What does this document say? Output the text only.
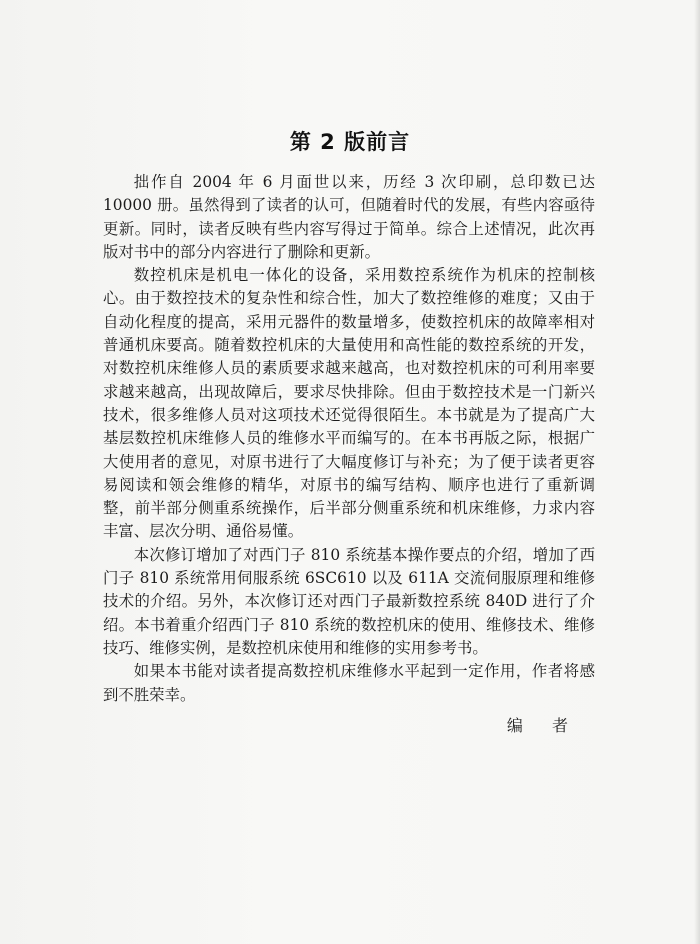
第 2 版前言

拙作自 2004 年 6 月面世以来，历经 3 次印刷，总印数已达 10000 册。虽然得到了读者的认可，但随着时代的发展，有些内容亟待更新。同时，读者反映有些内容写得过于简单。综合上述情况，此次再版对书中的部分内容进行了删除和更新。

数控机床是机电一体化的设备，采用数控系统作为机床的控制核心。由于数控技术的复杂性和综合性，加大了数控维修的难度；又由于自动化程度的提高，采用元器件的数量增多，使数控机床的故障率相对普通机床要高。随着数控机床的大量使用和高性能的数控系统的开发，对数控机床维修人员的素质要求越来越高，也对数控机床的可利用率要求越来越高，出现故障后，要求尽快排除。但由于数控技术是一门新兴技术，很多维修人员对这项技术还觉得很陌生。本书就是为了提高广大基层数控机床维修人员的维修水平而编写的。在本书再版之际，根据广大使用者的意见，对原书进行了大幅度修订与补充；为了便于读者更容易阅读和领会维修的精华，对原书的编写结构、顺序也进行了重新调整，前半部分侧重系统操作，后半部分侧重系统和机床维修，力求内容丰富、层次分明、通俗易懂。

本次修订增加了对西门子 810 系统基本操作要点的介绍，增加了西门子 810 系统常用伺服系统 6SC610 以及 611A 交流伺服原理和维修技术的介绍。另外，本次修订还对西门子最新数控系统 840D 进行了介绍。本书着重介绍西门子 810 系统的数控机床的使用、维修技术、维修技巧、维修实例，是数控机床使用和维修的实用参考书。

如果本书能对读者提高数控机床维修水平起到一定作用，作者将感到不胜荣幸。

编 者
